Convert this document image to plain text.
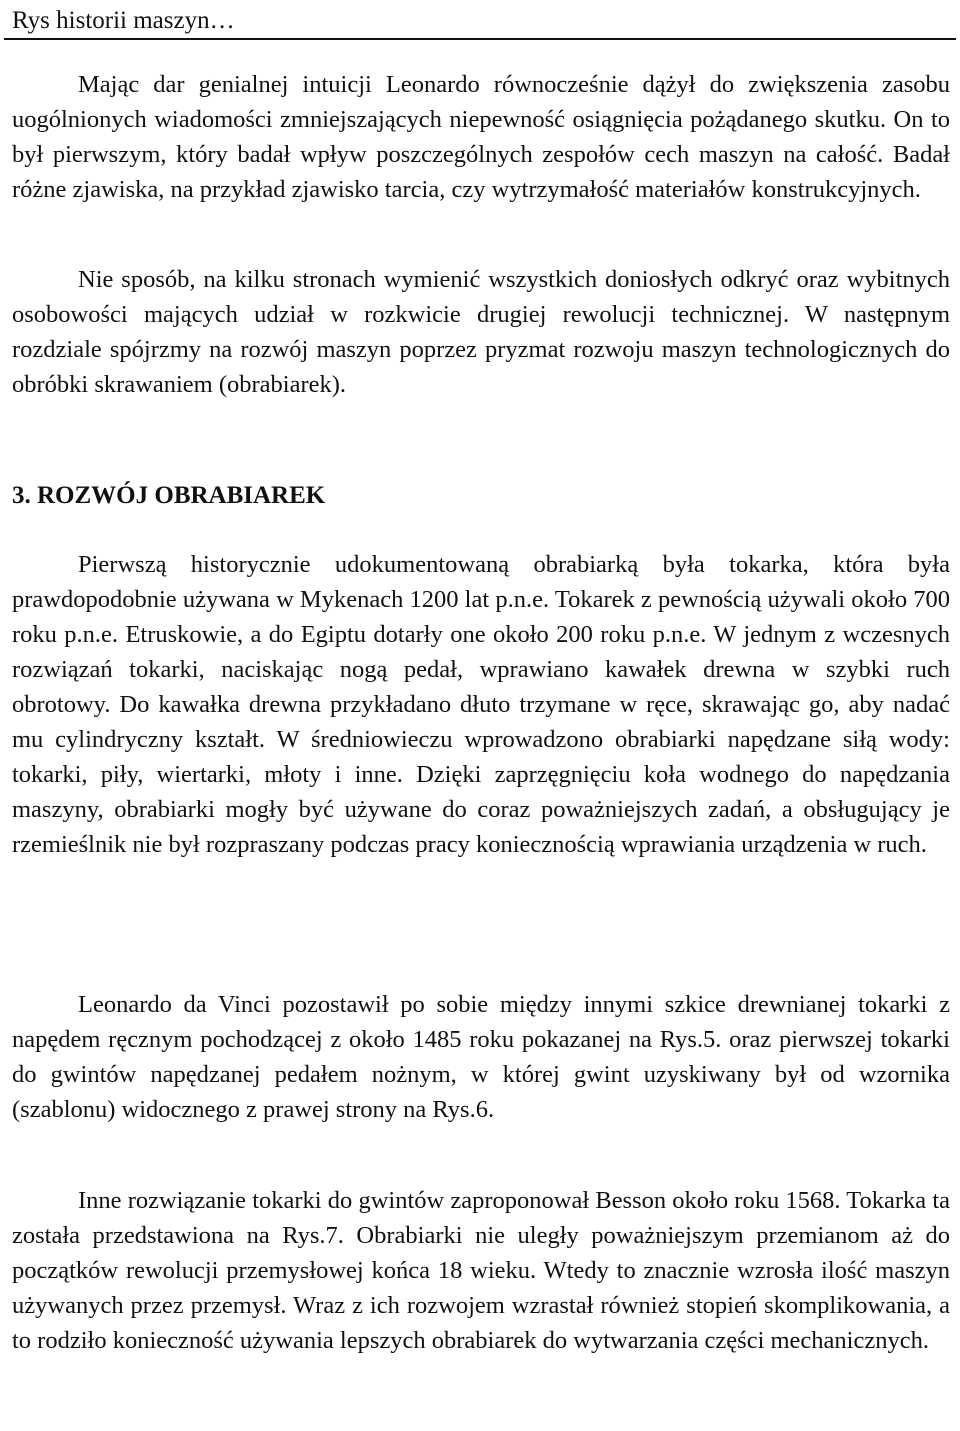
Rys historii maszyn…

Mając dar genialnej intuicji Leonardo równocześnie dążył do zwiększenia zasobu uogólnionych wiadomości zmniejszających niepewność osiągnięcia pożądanego skutku. On to był pierwszym, który badał wpływ poszczególnych zespołów cech maszyn na całość. Badał różne zjawiska, na przykład zjawisko tarcia, czy wytrzymałość materiałów konstrukcyjnych.

Nie sposób, na kilku stronach wymienić wszystkich doniosłych odkryć oraz wybitnych osobowości mających udział w rozkwicie drugiej rewolucji technicznej. W następnym rozdziale spójrzmy na rozwój maszyn poprzez pryzmat rozwoju maszyn technologicznych do obróbki skrawaniem (obrabiarek).

3. ROZWÓJ OBRABIAREK

Pierwszą historycznie udokumentowaną obrabiarką była tokarka, która była prawdopodobnie używana w Mykenach 1200 lat p.n.e. Tokarek z pewnością używali około 700 roku p.n.e. Etruskowie, a do Egiptu dotarły one około 200 roku p.n.e. W jednym z wczesnych rozwiązań tokarki, naciskając nogą pedał, wprawiano kawałek drewna w szybki ruch obrotowy. Do kawałka drewna przykładano dłuto trzymane w ręce, skrawając go, aby nadać mu cylindryczny kształt. W średniowieczu wprowadzono obrabiarki napędzane siłą wody: tokarki, piły, wiertarki, młoty i inne. Dzięki zaprzęgnięciu koła wodnego do napędzania maszyny, obrabiarki mogły być używane do coraz poważniejszych zadań, a obsługujący je rzemieślnik nie był rozpraszany podczas pracy koniecznością wprawiania urządzenia w ruch.

Leonardo da Vinci pozostawił po sobie między innymi szkice drewnianej tokarki z napędem ręcznym pochodzącej z około 1485 roku pokazanej na Rys.5. oraz pierwszej tokarki do gwintów napędzanej pedałem nożnym, w której gwint uzyskiwany był od wzornika (szablonu) widocznego z prawej strony na Rys.6.

Inne rozwiązanie tokarki do gwintów zaproponował Besson około roku 1568. Tokarka ta została przedstawiona na Rys.7. Obrabiarki nie uległy poważniejszym przemianom aż do początków rewolucji przemysłowej końca 18 wieku. Wtedy to znacznie wzrosła ilość maszyn używanych przez przemysł. Wraz z ich rozwojem wzrastał również stopień skomplikowania, a to rodziło konieczność używania lepszych obrabiarek do wytwarzania części mechanicznych.
